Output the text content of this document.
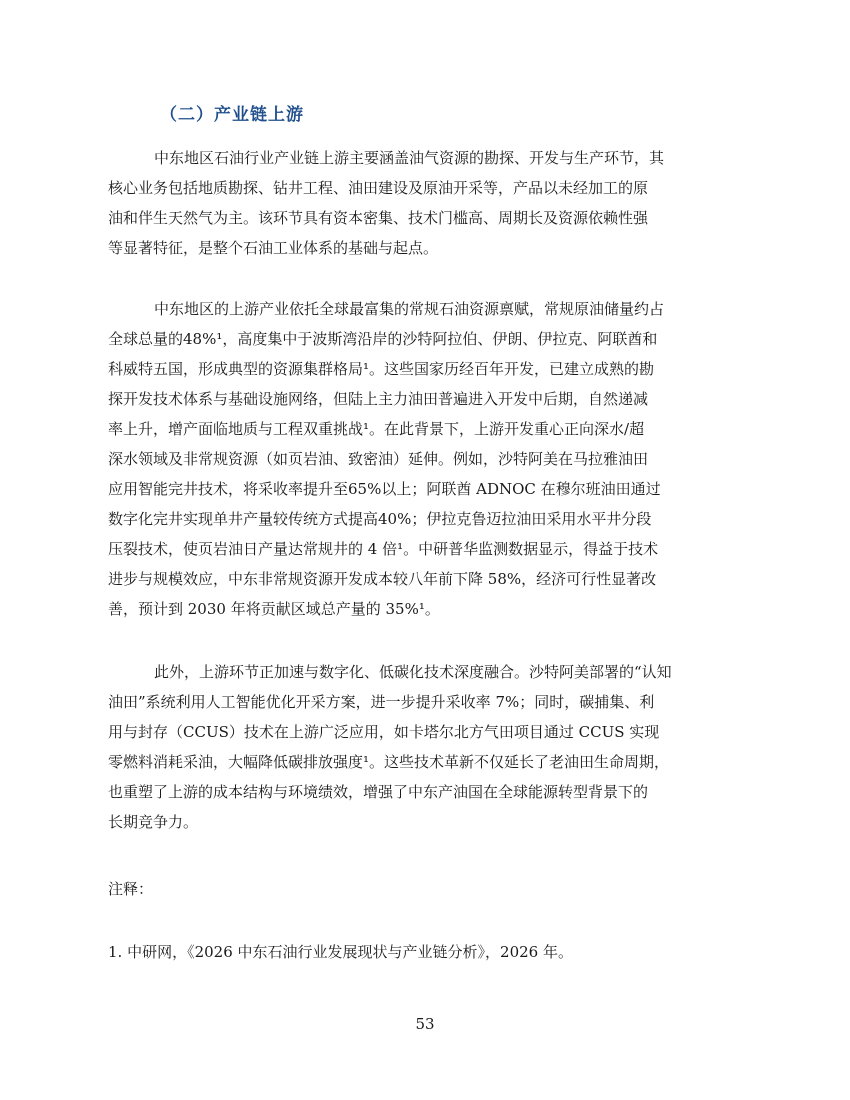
（二）产业链上游

中东地区石油行业产业链上游主要涵盖油气资源的勘探、开发与生产环节，其
核心业务包括地质勘探、钻井工程、油田建设及原油开采等，产品以未经加工的原
油和伴生天然气为主。该环节具有资本密集、技术门槛高、周期长及资源依赖性强
等显著特征，是整个石油工业体系的基础与起点。

中东地区的上游产业依托全球最富集的常规石油资源禀赋，常规原油储量约占
全球总量的48%¹，高度集中于波斯湾沿岸的沙特阿拉伯、伊朗、伊拉克、阿联酋和
科威特五国，形成典型的资源集群格局¹。这些国家历经百年开发，已建立成熟的勘
探开发技术体系与基础设施网络，但陆上主力油田普遍进入开发中后期，自然递减
率上升，增产面临地质与工程双重挑战¹。在此背景下，上游开发重心正向深水/超
深水领域及非常规资源（如页岩油、致密油）延伸。例如，沙特阿美在马拉雅油田
应用智能完井技术，将采收率提升至65%以上；阿联酋 ADNOC 在穆尔班油田通过
数字化完井实现单井产量较传统方式提高40%；伊拉克鲁迈拉油田采用水平井分段
压裂技术，使页岩油日产量达常规井的 4 倍¹。中研普华监测数据显示，得益于技术
进步与规模效应，中东非常规资源开发成本较八年前下降 58%，经济可行性显著改
善，预计到 2030 年将贡献区域总产量的 35%¹。

此外，上游环节正加速与数字化、低碳化技术深度融合。沙特阿美部署的“认知
油田”系统利用人工智能优化开采方案，进一步提升采收率 7%；同时，碳捕集、利
用与封存（CCUS）技术在上游广泛应用，如卡塔尔北方气田项目通过 CCUS 实现
零燃料消耗采油，大幅降低碳排放强度¹。这些技术革新不仅延长了老油田生命周期，
也重塑了上游的成本结构与环境绩效，增强了中东产油国在全球能源转型背景下的
长期竞争力。

注释：

1. 中研网，《2026 中东石油行业发展现状与产业链分析》，2026 年。

53
